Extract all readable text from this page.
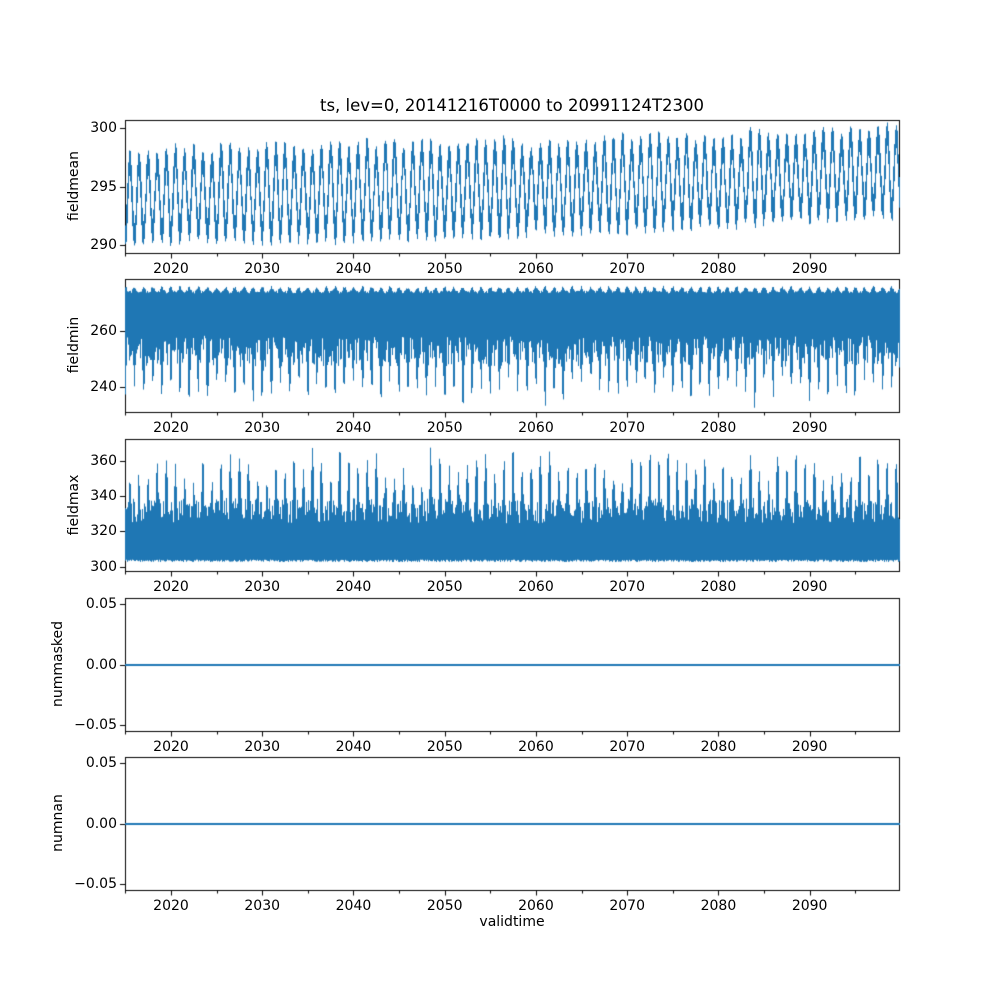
ts, lev=0, 20141216T0000 to 20991124T2300
fieldmean
fieldmin
fieldmax
nummasked
numnan
validtime
2020	2030	2040	2050	2060	2070	2080	2090
290
295
300
2020	2030	2040	2050	2060	2070	2080	2090
240
260
2020	2030	2040	2050	2060	2070	2080	2090
300
320
340
360
2020	2030	2040	2050	2060	2070	2080	2090
−0.05
0.00
0.05
2020	2030	2040	2050	2060	2070	2080	2090
−0.05
0.00
0.05
